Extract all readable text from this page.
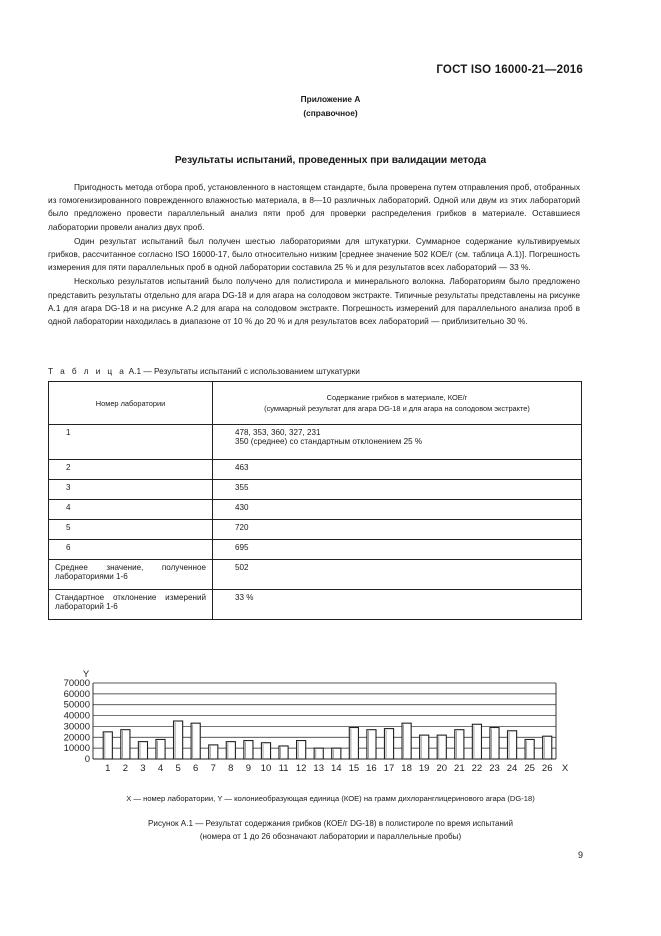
ГОСТ ISO 16000-21—2016
Приложение А
(справочное)
Результаты испытаний, проведенных при валидации метода

Пригодность метода отбора проб, установленного в настоящем стандарте, была проверена путем отправления проб, отобранных из гомогенизированного поврежденного влажностью материала, в 8—10 различных лабораторий. Одной или двум из этих лабораторий было предложено провести параллельный анализ пяти проб для проверки распределения грибков в материале. Оставшиеся лаборатории провели анализ двух проб.

Один результат испытаний был получен шестью лабораториями для штукатурки. Суммарное содержание культивируемых грибков, рассчитанное согласно ISO 16000-17, было относительно низким [среднее значение 502 КОЕ/г (см. таблица А.1)]. Погрешность измерения для пяти параллельных проб в одной лаборатории составила 25 % и для результатов всех лабораторий — 33 %.

Несколько результатов испытаний было получено для полистирола и минерального волокна. Лабораториям было предложено представить результаты отдельно для агара DG-18 и для агара на солодовом экстракте. Типичные результаты представлены на рисунке А.1 для агара DG-18 и на рисунке А.2 для агара на солодовом экстракте. Погрешность измерений для параллельного анализа проб в одной лаборатории находилась в диапазоне от 10 % до 20 % и для результатов всех лабораторий — приблизительно 30 %.

Т а б л и ц а А.1 — Результаты испытаний с использованием штукатурки
Номер лаборатории	Содержание грибков в материале, КОЕ/г
(суммарный результат для агара DG-18 и для агара на солодовом экстракте)
1	478, 353, 360, 327, 231
350 (среднее) со стандартным отклонением 25 %
2	463
3	355
4	430
5	720
6	695
Среднее значение, полученное лабораториями 1-6	502
Стандартное отклонение измерений лабораторий 1-6	33 %
0
10000
20000
30000
40000
50000
60000
70000
1 2 3 4 5 6 7 8 9 10 11 12 13 14 15 16 17 18 19 20 21 22 23 24 25 26
Y
X
X — номер лаборатории, Y — колониеобразующая единица (КОЕ) на грамм дихлоранглицеринового агара (DG-18)
Рисунок А.1 — Результат содержания грибков (КОЕ/г DG-18) в полистироле по время испытаний
(номера от 1 до 26 обозначают лаборатории и параллельные пробы)
9
